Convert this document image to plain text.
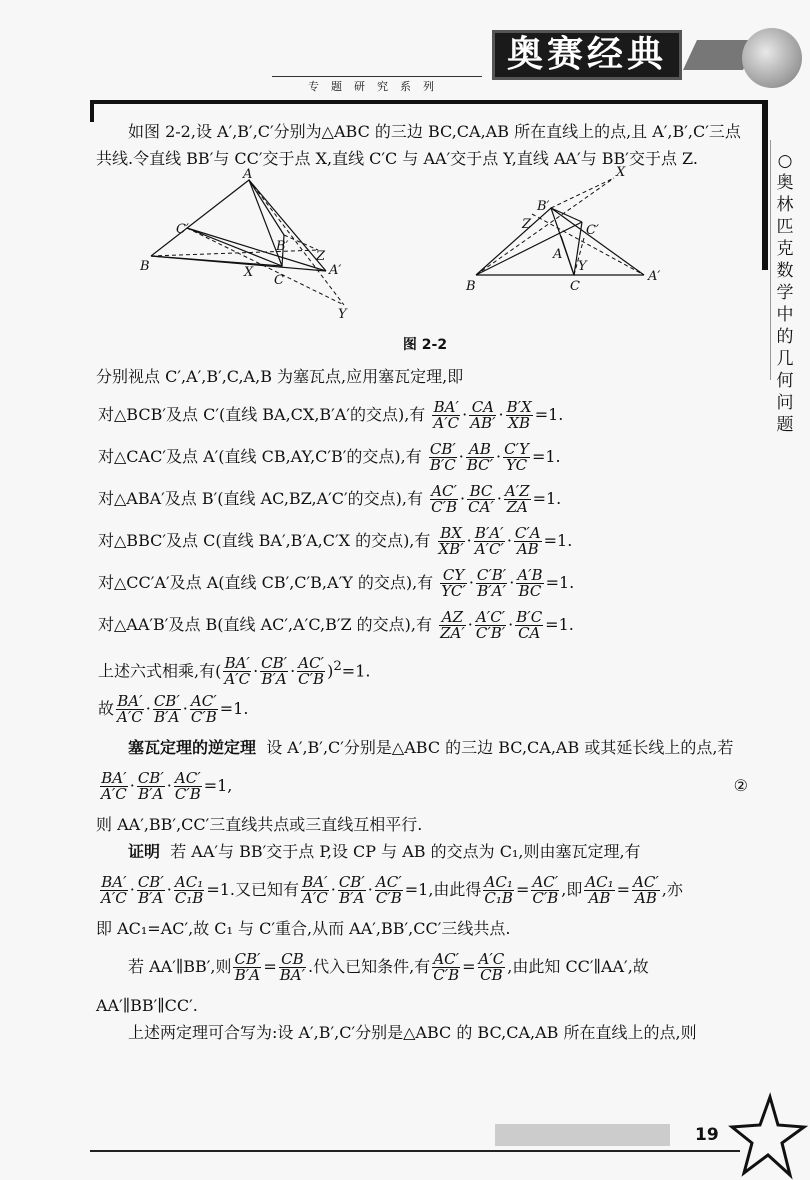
奥赛经典
专题研究系列
○
奥
林
匹
克
数
学
中
的
几
何
问
题

如图 2-2,设 A′,B′,C′分别为△ABC 的三边 BC,CA,AB 所在直线上的点,且 A′,B′,C′三点共线.令直线 BB′与 CC′交于点 X,直线 C′C 与 AA′交于点 Y,直线 AA′与 BB′交于点 Z.

A
C′
B′
Z
X
C
A′
B
Y
X
B′
C′
Z
A
Y
B	C
A′
图 2-2

分别视点 C′,A′,B′,C,A,B 为塞瓦点,应用塞瓦定理,即

对△BCB′及点 C′(直线 BA,CX,B′A′的交点),有 $\frac{BA'}{A'C} \cdot \frac{CA}{AB'} \cdot \frac{B'X}{XB} =1$.
对△CAC′及点 A′(直线 CB,AY,C′B′的交点),有 $\frac{CB'}{B'C} \cdot \frac{AB}{BC'} \cdot \frac{C'Y}{YC} =1$.
对△ABA′及点 B′(直线 AC,BZ,A′C′的交点),有 $\frac{AC'}{C'B} \cdot \frac{BC}{CA'} \cdot \frac{A'Z}{ZA} =1$.
对△BBC′及点 C(直线 BA′,B′A,C′X 的交点),有 $\frac{BX}{XB'} \cdot \frac{B'A'}{A'C'} \cdot \frac{C'A}{AB} =1$.
对△CC′A′及点 A(直线 CB′,C′B,A′Y 的交点),有 $\frac{CY}{YC'} \cdot \frac{C'B'}{B'A'} \cdot \frac{A'B}{BC} =1$.
对△AA′B′及点 B(直线 AC′,A′C,B′Z 的交点),有 $\frac{AZ}{ZA'} \cdot \frac{A'C'}{C'B'} \cdot \frac{B'C}{CA} =1$.
上述六式相乘,有( $\frac{BA'}{A'C} \cdot \frac{CB'}{B'A} \cdot \frac{AC'}{C'B} )^2=1$.
故 $\frac{BA'}{A'C} \cdot \frac{CB'}{B'A} \cdot \frac{AC'}{C'B} =1$.

塞瓦定理的逆定理 设 A′,B′,C′分别是△ABC 的三边 BC,CA,AB 或其延长线上的点,若

$\frac{BA'}{A'C} \cdot \frac{CB'}{B'A} \cdot \frac{AC'}{C'B} =1$,	②

则 AA′,BB′,CC′三直线共点或三直线互相平行.

证明 若 AA′与 BB′交于点 P,设 CP 与 AB 的交点为 C₁,则由塞瓦定理,有

$\frac{BA'}{A'C} \cdot \frac{CB'}{B'A} \cdot \frac{\text{AC₁}}{\text{C₁B}} =1$.又已知有 $\frac{BA'}{A'C} \cdot \frac{CB'}{B'A} \cdot \frac{AC'}{C'B} =1$,由此得 $\frac{\text{AC₁}}{\text{C₁B}} = \frac{AC'}{C'B}$ ,即 $\frac{\text{AC₁}}{AB} = \frac{AC'}{AB}$ ,亦

即 AC₁=AC′,故 C₁ 与 C′重合,从而 AA′,BB′,CC′三线共点.

若 AA′∥BB′,则 $\frac{CB'}{B'A} = \frac{CB}{BA'}$ .代入已知条件,有 $\frac{AC'}{C'B} = \frac{A'C}{CB}$ ,由此知 CC′∥AA′,故

AA′∥BB′∥CC′.

上述两定理可合写为:设 A′,B′,C′分别是△ABC 的 BC,CA,AB 所在直线上的点,则

19
